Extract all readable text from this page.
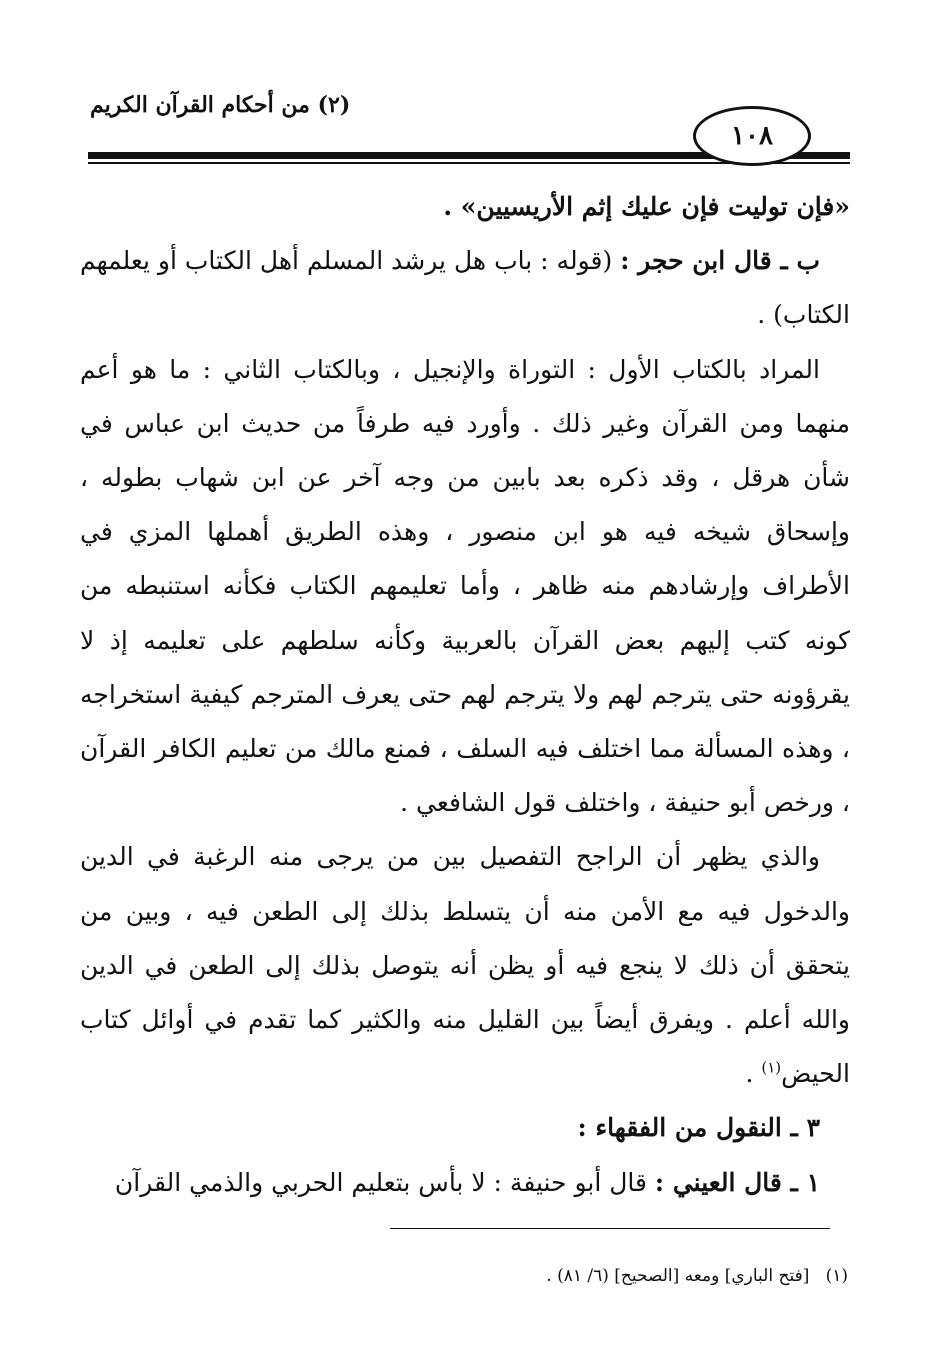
(٢) من أحكام القرآن الكريم
١٠٨

«فإن توليت فإن عليك إثم الأريسيين» .

ب ـ قال ابن حجر : (قوله : باب هل يرشد المسلم أهل الكتاب أو يعلمهم الكتاب) .

المراد بالكتاب الأول : التوراة والإنجيل ، وبالكتاب الثاني : ما هو أعم منهما ومن القرآن وغير ذلك . وأورد فيه طرفاً من حديث ابن عباس في شأن هرقل ، وقد ذكره بعد بابين من وجه آخر عن ابن شهاب بطوله ، وإسحاق شيخه فيه هو ابن منصور ، وهذه الطريق أهملها المزي في الأطراف وإرشادهم منه ظاهر ، وأما تعليمهم الكتاب فكأنه استنبطه من كونه كتب إليهم بعض القرآن بالعربية وكأنه سلطهم على تعليمه إذ لا يقرؤونه حتى يترجم لهم ولا يترجم لهم حتى يعرف المترجم كيفية استخراجه ، وهذه المسألة مما اختلف فيه السلف ، فمنع مالك من تعليم الكافر القرآن ، ورخص أبو حنيفة ، واختلف قول الشافعي .

والذي يظهر أن الراجح التفصيل بين من يرجى منه الرغبة في الدين والدخول فيه مع الأمن منه أن يتسلط بذلك إلى الطعن فيه ، وبين من يتحقق أن ذلك لا ينجع فيه أو يظن أنه يتوصل بذلك إلى الطعن في الدين والله أعلم . ويفرق أيضاً بين القليل منه والكثير كما تقدم في أوائل كتاب الحيض$^{(١)}$ .

٣ ـ النقول من الفقهاء :

١ ـ قال العيني : قال أبو حنيفة : لا بأس بتعليم الحربي والذمي القرآن

(١)   [فتح الباري] ومعه [الصحيح] (٦/ ٨١) .
